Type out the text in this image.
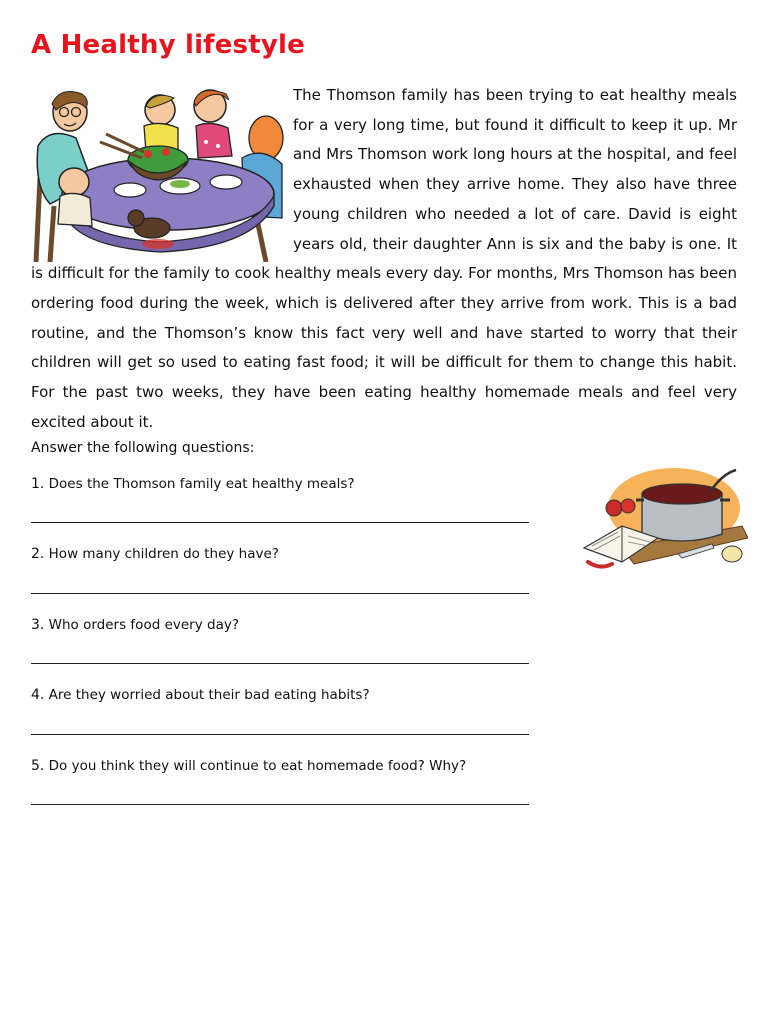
A Healthy lifestyle

The Thomson family has been trying to eat healthy meals for a very long time, but found it difficult to keep it up. Mr and Mrs Thomson work long hours at the hospital, and feel exhausted when they arrive home. They also have three young children who needed a lot of care. David is eight years old, their daughter Ann is six and the baby is one. It is difficult for the family to cook healthy meals every day. For months, Mrs Thomson has been ordering food during the week, which is delivered after they arrive from work. This is a bad routine, and the Thomson’s know this fact very well and have started to worry that their children will get so used to eating fast food; it will be difficult for them to change this habit. For the past two weeks, they have been eating healthy homemade meals and feel very excited about it.

Answer the following questions:

1. Does the Thomson family eat healthy meals?

2. How many children do they have?

3. Who orders food every day?

4. Are they worried about their bad eating habits?

5. Do you think they will continue to eat homemade food? Why?
